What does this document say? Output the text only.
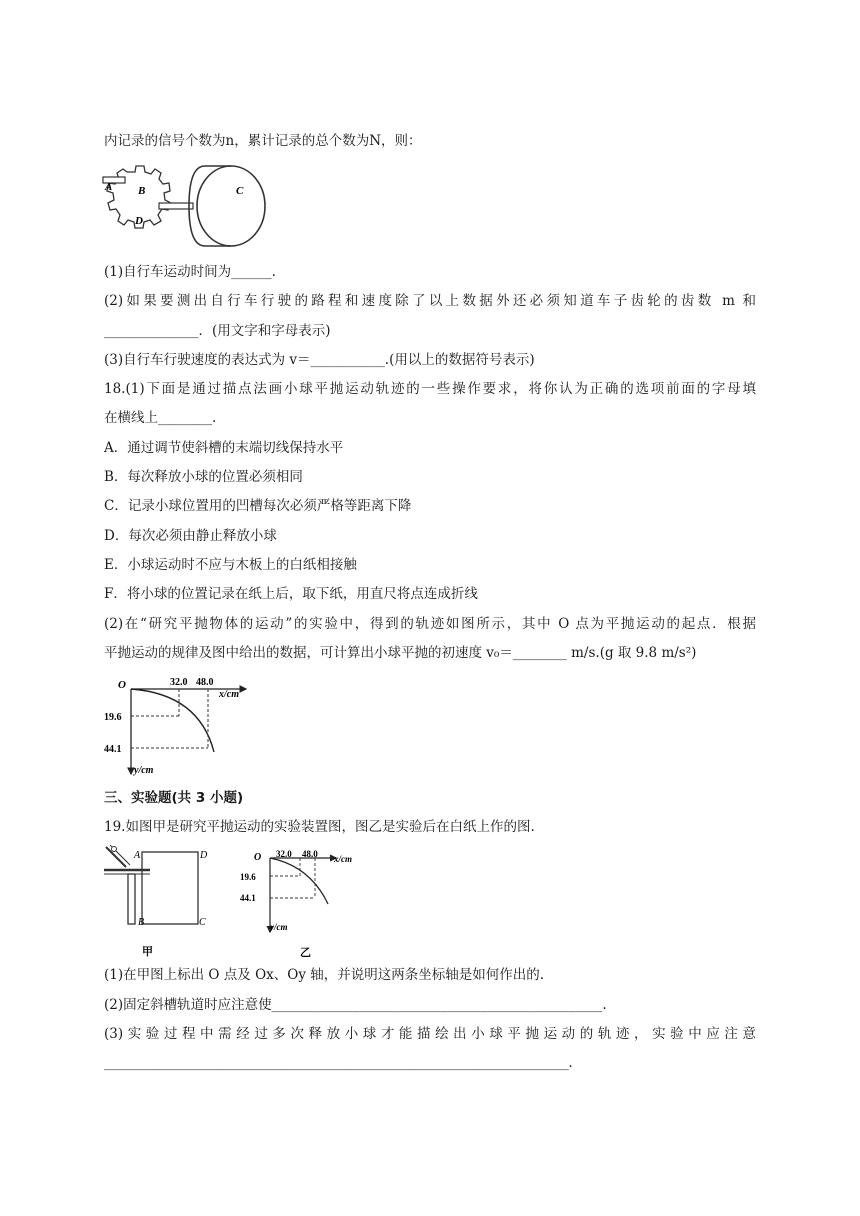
内记录的信号个数为n，累计记录的总个数为N，则：
A B	C
D
(1)自行车运动时间为______.
(2)如果要测出自行车行驶的路程和速度除了以上数据外还必须知道车子齿轮的齿数 m 和
______________．(用文字和字母表示)
(3)自行车行驶速度的表达式为 v＝___________.(用以上的数据符号表示)
18.(1)下面是通过描点法画小球平抛运动轨迹的一些操作要求，将你认为正确的选项前面的字母填
在横线上________.
A．通过调节使斜槽的末端切线保持水平
B．每次释放小球的位置必须相同
C．记录小球位置用的凹槽每次必须严格等距离下降
D．每次必须由静止释放小球
E．小球运动时不应与木板上的白纸相接触
F．将小球的位置记录在纸上后，取下纸，用直尺将点连成折线
(2)在“研究平抛物体的运动”的实验中，得到的轨迹如图所示，其中 O 点为平抛运动的起点．根据
平抛运动的规律及图中给出的数据，可计算出小球平抛的初速度 v₀＝________ m/s.(g 取 9.8 m/s²)
O	32.0 48.0
x/cm
19.6
44.1
y/cm
三、实验题(共 3 小题)
19.如图甲是研究平抛运动的实验装置图，图乙是实验后在白纸上作的图.
A	D
B	C
甲
O 32.0 48.0 x/cm
19.6
44.1
y/cm
乙
(1)在甲图上标出 O 点及 Ox、Oy 轴，并说明这两条坐标轴是如何作出的.
(2)固定斜槽轨道时应注意使_________________________________________________.
(3)实验过程中需经过多次释放小球才能描绘出小球平抛运动的轨迹，实验中应注意
________________________________________________________________________.
